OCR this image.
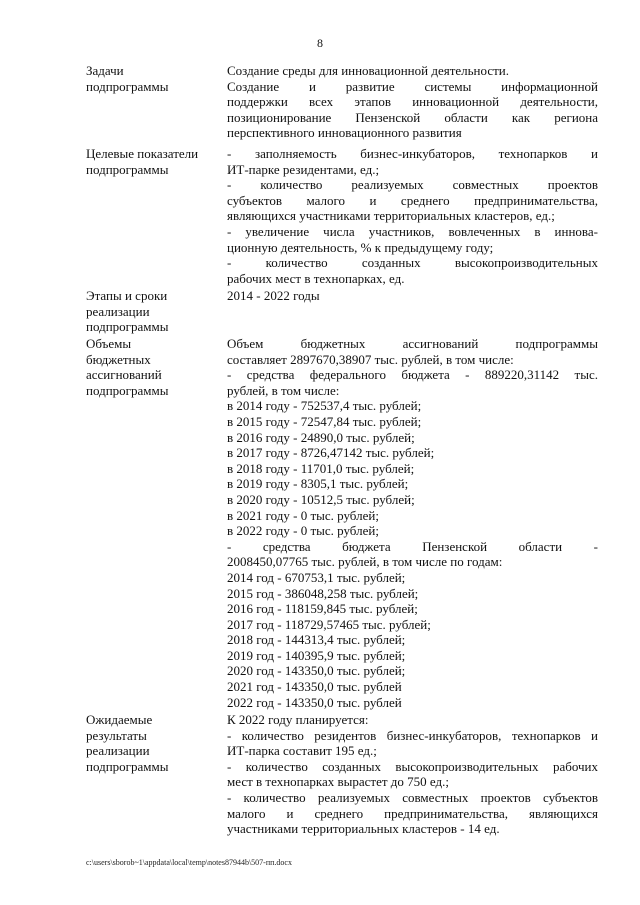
8
Задачи
подпрограммы
Создание среды для инновационной деятельности.
Создание и развитие системы информационной
поддержки всех этапов инновационной деятельности,
позиционирование Пензенской области как региона
перспективного инновационного развития
Целевые показатели
подпрограммы
- заполняемость бизнес-инкубаторов, технопарков и
ИТ-парке резидентами, ед.;
- количество реализуемых совместных проектов
субъектов малого и среднего предпринимательства,
являющихся участниками территориальных кластеров, ед.;
- увеличение числа участников, вовлеченных в иннова-
ционную деятельность, % к предыдущему году;
- количество созданных высокопроизводительных
рабочих мест в технопарках, ед.
Этапы и сроки
реализации
подпрограммы
2014 - 2022 годы
Объемы
бюджетных
ассигнований
подпрограммы
Объем бюджетных ассигнований подпрограммы
составляет 2897670,38907 тыс. рублей, в том числе:
- средства федерального бюджета - 889220,31142 тыс.
рублей, в том числе:
в 2014 году - 752537,4 тыс. рублей;
в 2015 году - 72547,84 тыс. рублей;
в 2016 году - 24890,0 тыс. рублей;
в 2017 году - 8726,47142 тыс. рублей;
в 2018 году - 11701,0 тыс. рублей;
в 2019 году - 8305,1 тыс. рублей;
в 2020 году - 10512,5 тыс. рублей;
в 2021 году - 0 тыс. рублей;
в 2022 году - 0 тыс. рублей;
- средства бюджета Пензенской области -
2008450,07765 тыс. рублей, в том числе по годам:
2014 год - 670753,1 тыс. рублей;
2015 год - 386048,258 тыс. рублей;
2016 год - 118159,845 тыс. рублей;
2017 год - 118729,57465 тыс. рублей;
2018 год - 144313,4 тыс. рублей;
2019 год - 140395,9 тыс. рублей;
2020 год - 143350,0 тыс. рублей;
2021 год - 143350,0 тыс. рублей
2022 год - 143350,0 тыс. рублей
Ожидаемые
результаты
реализации
подпрограммы
К 2022 году планируется:
- количество резидентов бизнес-инкубаторов, технопарков и
ИТ-парка составит 195 ед.;
- количество созданных высокопроизводительных рабочих
мест в технопарках вырастет до 750 ед.;
- количество реализуемых совместных проектов субъектов
малого и среднего предпринимательства, являющихся
участниками территориальных кластеров - 14 ед.
c:\users\sborob~1\appdata\local\temp\notes87944b\507-пп.docx
